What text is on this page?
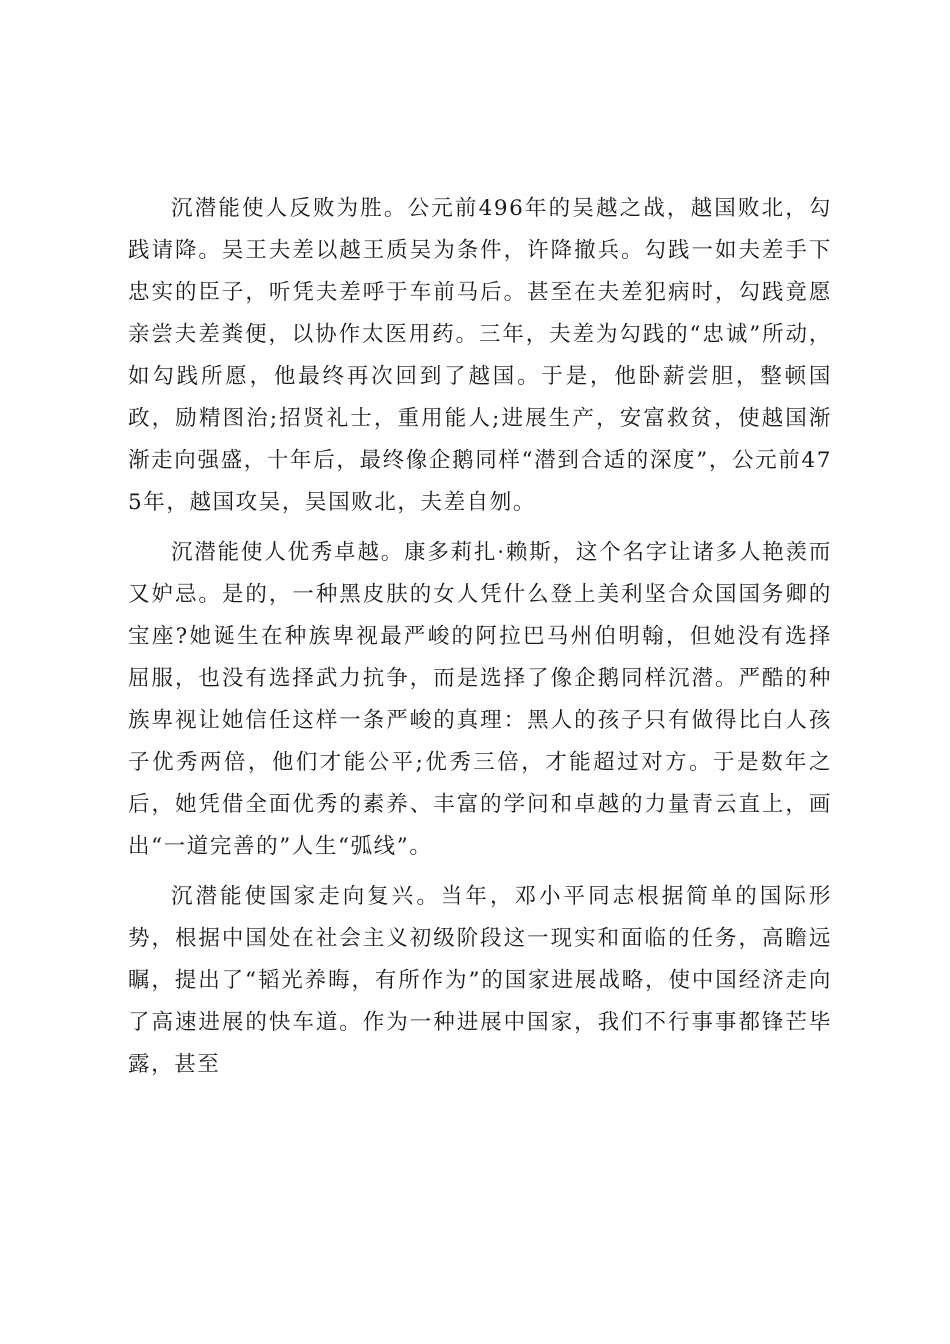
沉潜能使人反败为胜。公元前496年的吴越之战，越国败北，勾践请降。吴王夫差以越王质吴为条件，许降撤兵。勾践一如夫差手下忠实的臣子，听凭夫差呼于车前马后。甚至在夫差犯病时，勾践竟愿亲尝夫差粪便，以协作太医用药。三年，夫差为勾践的“忠诚”所动，如勾践所愿，他最终再次回到了越国。于是，他卧薪尝胆，整顿国政，励精图治;招贤礼士，重用能人;进展生产，安富救贫，使越国渐渐走向强盛，十年后，最终像企鹅同样“潜到合适的深度”，公元前475年，越国攻吴，吴国败北，夫差自刎。

沉潜能使人优秀卓越。康多莉扎·赖斯，这个名字让诸多人艳羡而又妒忌。是的，一种黑皮肤的女人凭什么登上美利坚合众国国务卿的宝座?她诞生在种族卑视最严峻的阿拉巴马州伯明翰，但她没有选择屈服，也没有选择武力抗争，而是选择了像企鹅同样沉潜。严酷的种族卑视让她信任这样一条严峻的真理：黑人的孩子只有做得比白人孩子优秀两倍，他们才能公平;优秀三倍，才能超过对方。于是数年之后，她凭借全面优秀的素养、丰富的学问和卓越的力量青云直上，画出“一道完善的”人生“弧线”。

沉潜能使国家走向复兴。当年，邓小平同志根据简单的国际形势，根据中国处在社会主义初级阶段这一现实和面临的任务，高瞻远瞩，提出了“韬光养晦，有所作为”的国家进展战略，使中国经济走向了高速进展的快车道。作为一种进展中国家，我们不行事事都锋芒毕露，甚至
